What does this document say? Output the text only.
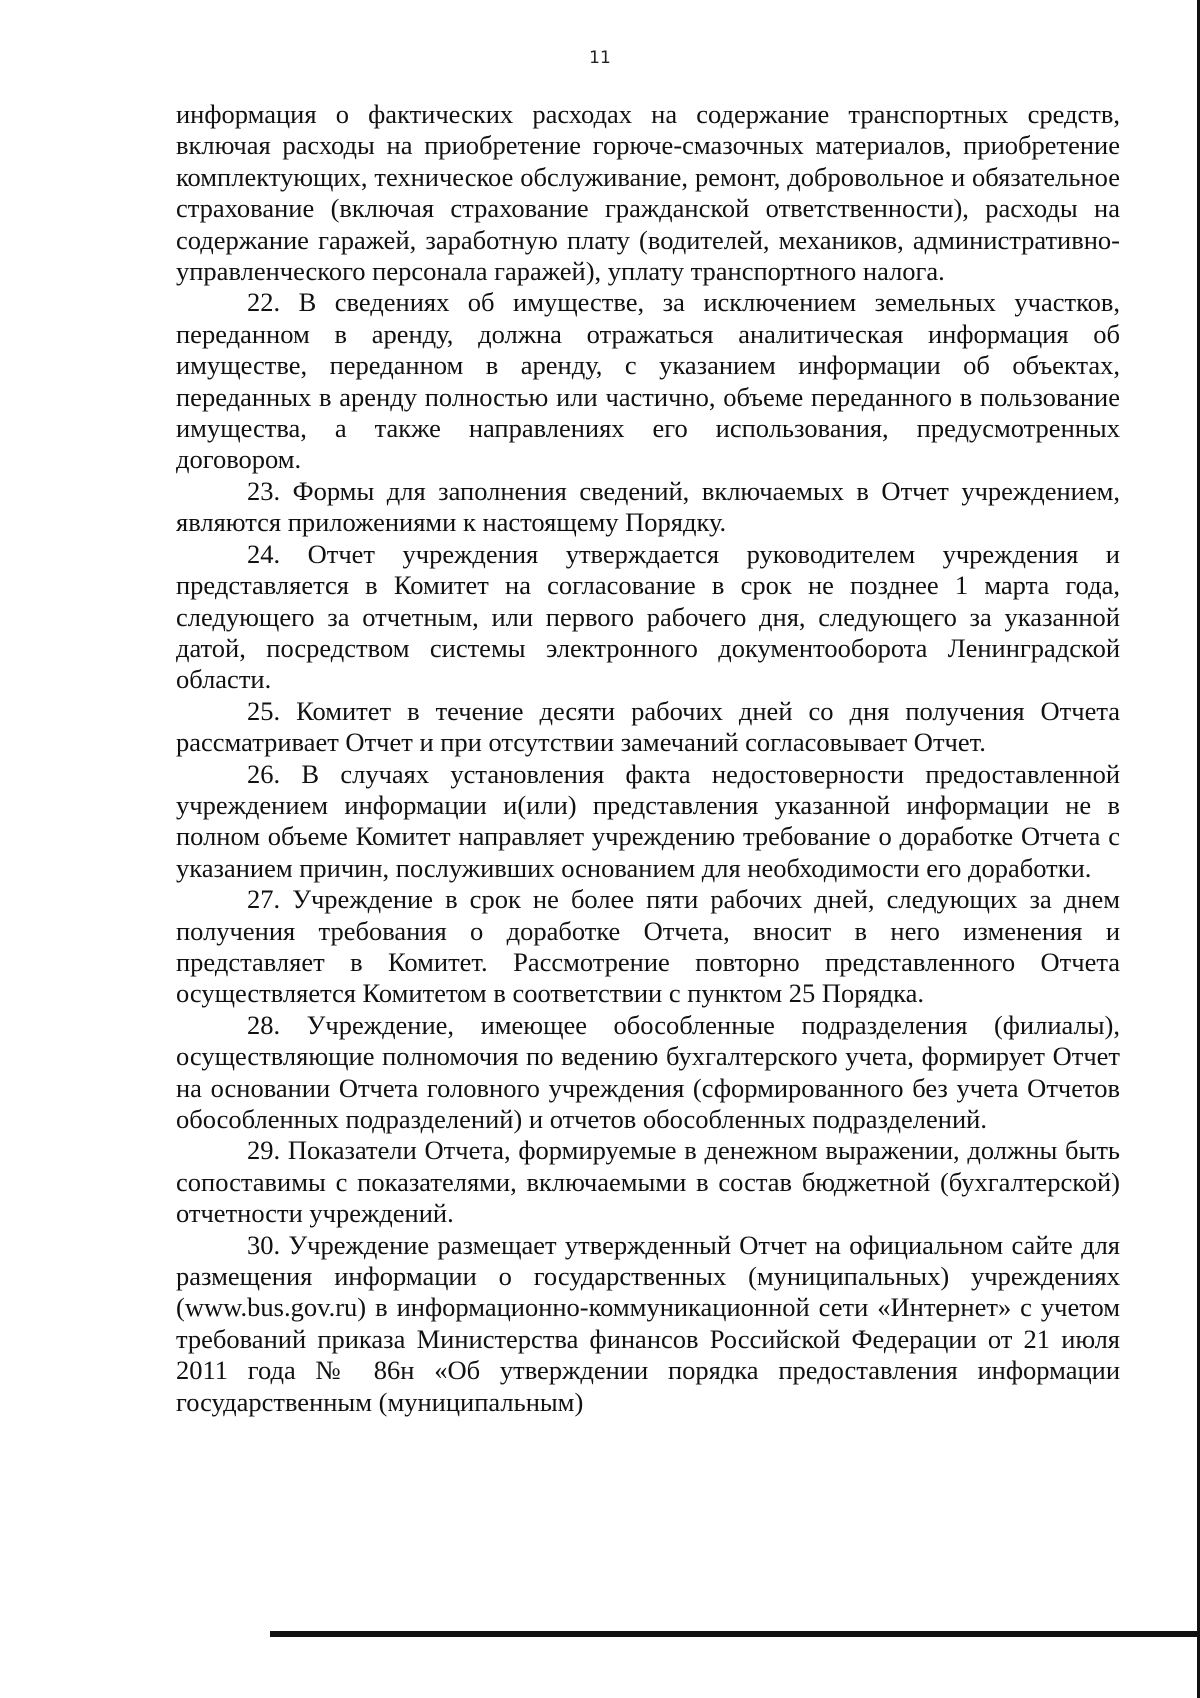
11

информация о фактических расходах на содержание транспортных средств, включая расходы на приобретение горюче-смазочных материалов, приобретение комплектующих, техническое обслуживание, ремонт, добровольное и обязательное страхование (включая страхование гражданской ответственности), расходы на содержание гаражей, заработную плату (водителей, механиков, административно-управленческого персонала гаражей), уплату транспортного налога.

22. В сведениях об имуществе, за исключением земельных участков, переданном в аренду, должна отражаться аналитическая информация об имуществе, переданном в аренду, с указанием информации об объектах, переданных в аренду полностью или частично, объеме переданного в пользование имущества, а также направлениях его использования, предусмотренных договором.

23. Формы для заполнения сведений, включаемых в Отчет учреждением, являются приложениями к настоящему Порядку.

24. Отчет учреждения утверждается руководителем учреждения и представляется в Комитет на согласование в срок не позднее 1 марта года, следующего за отчетным, или первого рабочего дня, следующего за указанной датой, посредством системы электронного документооборота Ленинградской области.

25. Комитет в течение десяти рабочих дней со дня получения Отчета рассматривает Отчет и при отсутствии замечаний согласовывает Отчет.

26. В случаях установления факта недостоверности предоставленной учреждением информации и(или) представления указанной информации не в полном объеме Комитет направляет учреждению требование о доработке Отчета с указанием причин, послуживших основанием для необходимости его доработки.

27. Учреждение в срок не более пяти рабочих дней, следующих за днем получения требования о доработке Отчета, вносит в него изменения и представляет в Комитет. Рассмотрение повторно представленного Отчета осуществляется Комитетом в соответствии с пунктом 25 Порядка.

28. Учреждение, имеющее обособленные подразделения (филиалы), осуществляющие полномочия по ведению бухгалтерского учета, формирует Отчет на основании Отчета головного учреждения (сформированного без учета Отчетов обособленных подразделений) и отчетов обособленных подразделений.

29. Показатели Отчета, формируемые в денежном выражении, должны быть сопоставимы с показателями, включаемыми в состав бюджетной (бухгалтерской) отчетности учреждений.

30. Учреждение размещает утвержденный Отчет на официальном сайте для размещения информации о государственных (муниципальных) учреждениях (www.bus.gov.ru) в информационно-коммуникационной сети «Интернет» с учетом требований приказа Министерства финансов Российской Федерации от 21 июля 2011 года № 86н «Об утверждении порядка предоставления информации государственным (муниципальным)
